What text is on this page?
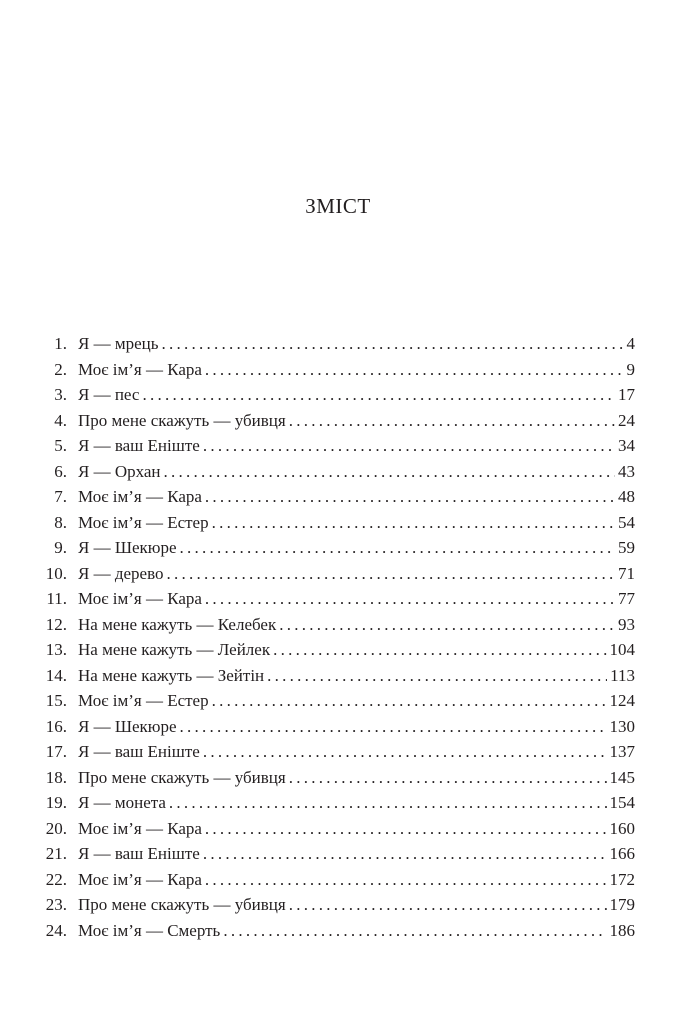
ЗМІСТ
1. Я — мрець . . .	4
2. Моє ім’я — Кара . . .	9
3. Я — пес . . .	17
4. Про мене скажуть — убивця . . .	24
5. Я — ваш Еніште . . .	34
6. Я — Орхан . . .	43
7. Моє ім’я — Кара . . .	48
8. Моє ім’я — Естер . . .	54
9. Я — Шекюре . . .	59
10. Я — дерево . . .	71
11. Моє ім’я — Кара . . .	77
12. На мене кажуть — Келебек . . .	93
13. На мене кажуть — Лейлек . . .	104
14. На мене кажуть — Зейтін . . .	113
15. Моє ім’я — Естер . . .	124
16. Я — Шекюре . . .	130
17. Я — ваш Еніште . . .	137
18. Про мене скажуть — убивця . . .	145
19. Я — монета . . .	154
20. Моє ім’я — Кара . . .	160
21. Я — ваш Еніште . . .	166
22. Моє ім’я — Кара . . .	172
23. Про мене скажуть — убивця . . .	179
24. Моє ім’я — Смерть . . .	186
